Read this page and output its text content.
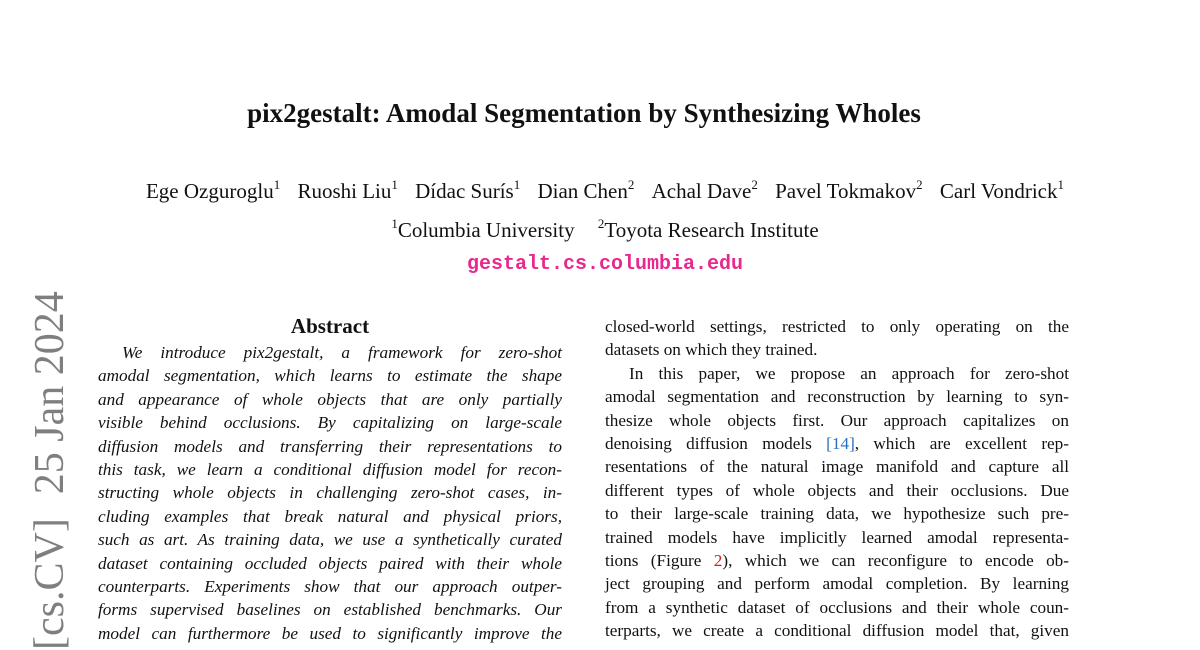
[cs.CV]25 Jan 2024
pix2gestalt: Amodal Segmentation by Synthesizing Wholes
Ege Ozguroglu$^1$ Ruoshi Liu$^1$ Dídac Surís$^1$ Dian Chen$^2$ Achal Dave$^2$ Pavel Tokmakov$^2$ Carl Vondrick$^1$
$^1$Columbia University $^2$Toyota Research Institute
gestalt.cs.columbia.edu
Abstract
We introduce pix2gestalt, a framework for zero-shot
amodal segmentation, which learns to estimate the shape
and appearance of whole objects that are only partially
visible behind occlusions. By capitalizing on large-scale
diffusion models and transferring their representations to
this task, we learn a conditional diffusion model for recon-
structing whole objects in challenging zero-shot cases, in-
cluding examples that break natural and physical priors,
such as art. As training data, we use a synthetically curated
dataset containing occluded objects paired with their whole
counterparts. Experiments show that our approach outper-
forms supervised baselines on established benchmarks. Our
model can furthermore be used to significantly improve the
closed-world settings, restricted to only operating on the
datasets on which they trained.
In this paper, we propose an approach for zero-shot
amodal segmentation and reconstruction by learning to syn-
thesize whole objects first. Our approach capitalizes on
denoising diffusion models [14], which are excellent rep-
resentations of the natural image manifold and capture all
different types of whole objects and their occlusions. Due
to their large-scale training data, we hypothesize such pre-
trained models have implicitly learned amodal representa-
tions (Figure 2), which we can reconfigure to encode ob-
ject grouping and perform amodal completion. By learning
from a synthetic dataset of occlusions and their whole coun-
terparts, we create a conditional diffusion model that, given
